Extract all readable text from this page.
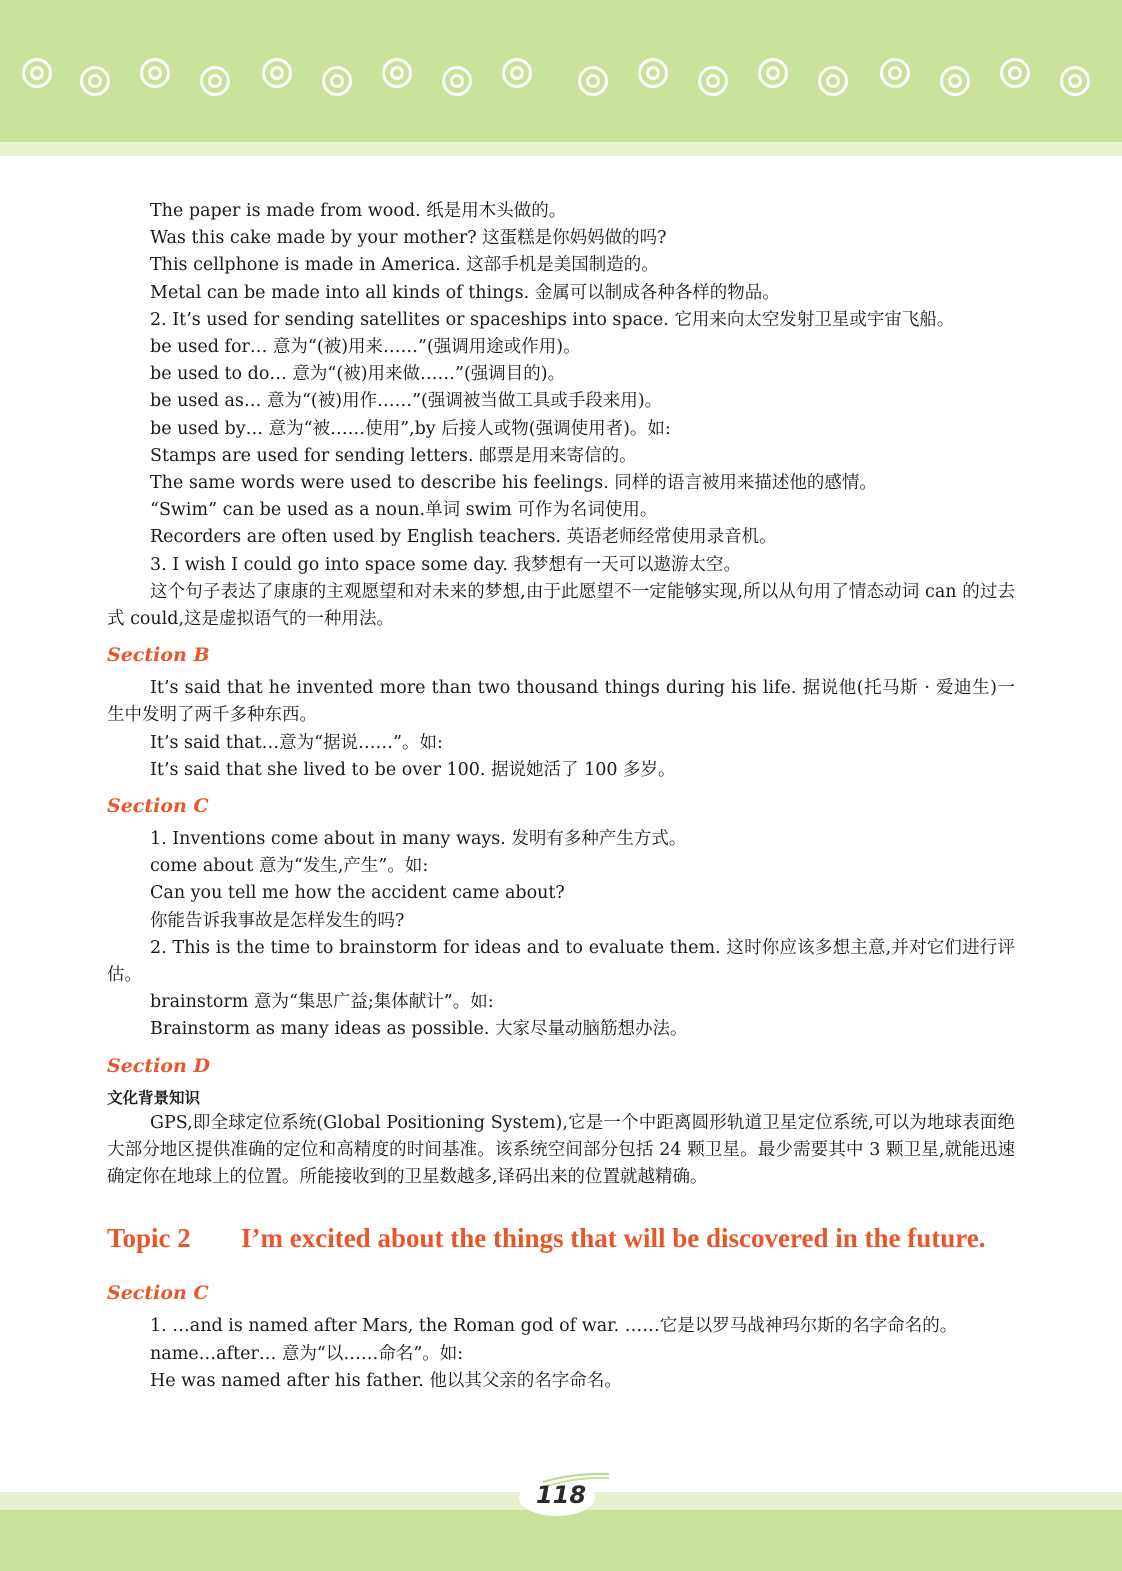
The paper is made from wood. 纸是用木头做的。

Was this cake made by your mother? 这蛋糕是你妈妈做的吗?

This cellphone is made in America. 这部手机是美国制造的。

Metal can be made into all kinds of things. 金属可以制成各种各样的物品。

2. It’s used for sending satellites or spaceships into space. 它用来向太空发射卫星或宇宙飞船。

be used for… 意为“(被)用来……”(强调用途或作用)。

be used to do… 意为“(被)用来做……”(强调目的)。

be used as… 意为“(被)用作……”(强调被当做工具或手段来用)。

be used by… 意为“被……使用”,by 后接人或物(强调使用者)。如:

Stamps are used for sending letters. 邮票是用来寄信的。

The same words were used to describe his feelings. 同样的语言被用来描述他的感情。

“Swim” can be used as a noun.单词 swim 可作为名词使用。

Recorders are often used by English teachers. 英语老师经常使用录音机。

3. I wish I could go into space some day. 我梦想有一天可以遨游太空。

这个句子表达了康康的主观愿望和对未来的梦想,由于此愿望不一定能够实现,所以从句用了情态动词 can 的过去式 could,这是虚拟语气的一种用法。

Section B

It’s said that he invented more than two thousand things during his life. 据说他(托马斯 · 爱迪生)一生中发明了两千多种东西。

It’s said that…意为“据说……”。如:

It’s said that she lived to be over 100. 据说她活了 100 多岁。

Section C

1. Inventions come about in many ways. 发明有多种产生方式。

come about 意为“发生,产生”。如:

Can you tell me how the accident came about?

你能告诉我事故是怎样发生的吗?

2. This is the time to brainstorm for ideas and to evaluate them. 这时你应该多想主意,并对它们进行评估。

brainstorm 意为“集思广益;集体献计”。如:

Brainstorm as many ideas as possible. 大家尽量动脑筋想办法。

Section D

文化背景知识

GPS,即全球定位系统(Global Positioning System),它是一个中距离圆形轨道卫星定位系统,可以为地球表面绝大部分地区提供准确的定位和高精度的时间基准。该系统空间部分包括 24 颗卫星。最少需要其中 3 颗卫星,就能迅速确定你在地球上的位置。所能接收到的卫星数越多,译码出来的位置就越精确。

Topic 2 I’m excited about the things that will be discovered in the future.
Section C

1. …and is named after Mars, the Roman god of war. ……它是以罗马战神玛尔斯的名字命名的。

name…after… 意为“以……命名”。如:

He was named after his father. 他以其父亲的名字命名。

118
